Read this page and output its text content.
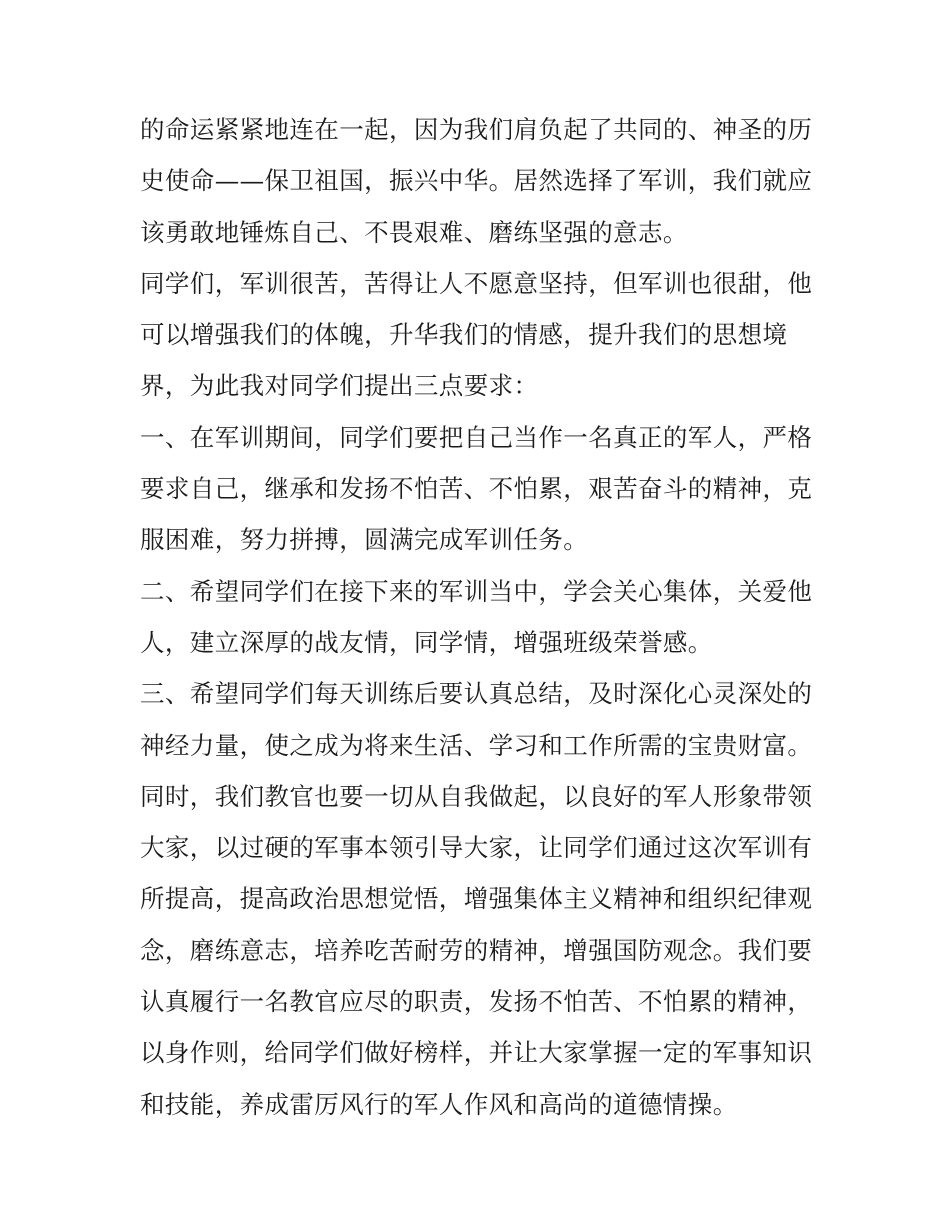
的命运紧紧地连在一起，因为我们肩负起了共同的、神圣的历
史使命——保卫祖国，振兴中华。居然选择了军训，我们就应
该勇敢地锤炼自己、不畏艰难、磨练坚强的意志。
同学们，军训很苦，苦得让人不愿意坚持，但军训也很甜，他
可以增强我们的体魄，升华我们的情感，提升我们的思想境
界，为此我对同学们提出三点要求：
一、在军训期间，同学们要把自己当作一名真正的军人，严格
要求自己，继承和发扬不怕苦、不怕累，艰苦奋斗的精神，克
服困难，努力拼搏，圆满完成军训任务。
二、希望同学们在接下来的军训当中，学会关心集体，关爱他
人，建立深厚的战友情，同学情，增强班级荣誉感。
三、希望同学们每天训练后要认真总结，及时深化心灵深处的
神经力量，使之成为将来生活、学习和工作所需的宝贵财富。
同时，我们教官也要一切从自我做起，以良好的军人形象带领
大家，以过硬的军事本领引导大家，让同学们通过这次军训有
所提高，提高政治思想觉悟，增强集体主义精神和组织纪律观
念，磨练意志，培养吃苦耐劳的精神，增强国防观念。我们要
认真履行一名教官应尽的职责，发扬不怕苦、不怕累的精神，
以身作则，给同学们做好榜样，并让大家掌握一定的军事知识
和技能，养成雷厉风行的军人作风和高尚的道德情操。
